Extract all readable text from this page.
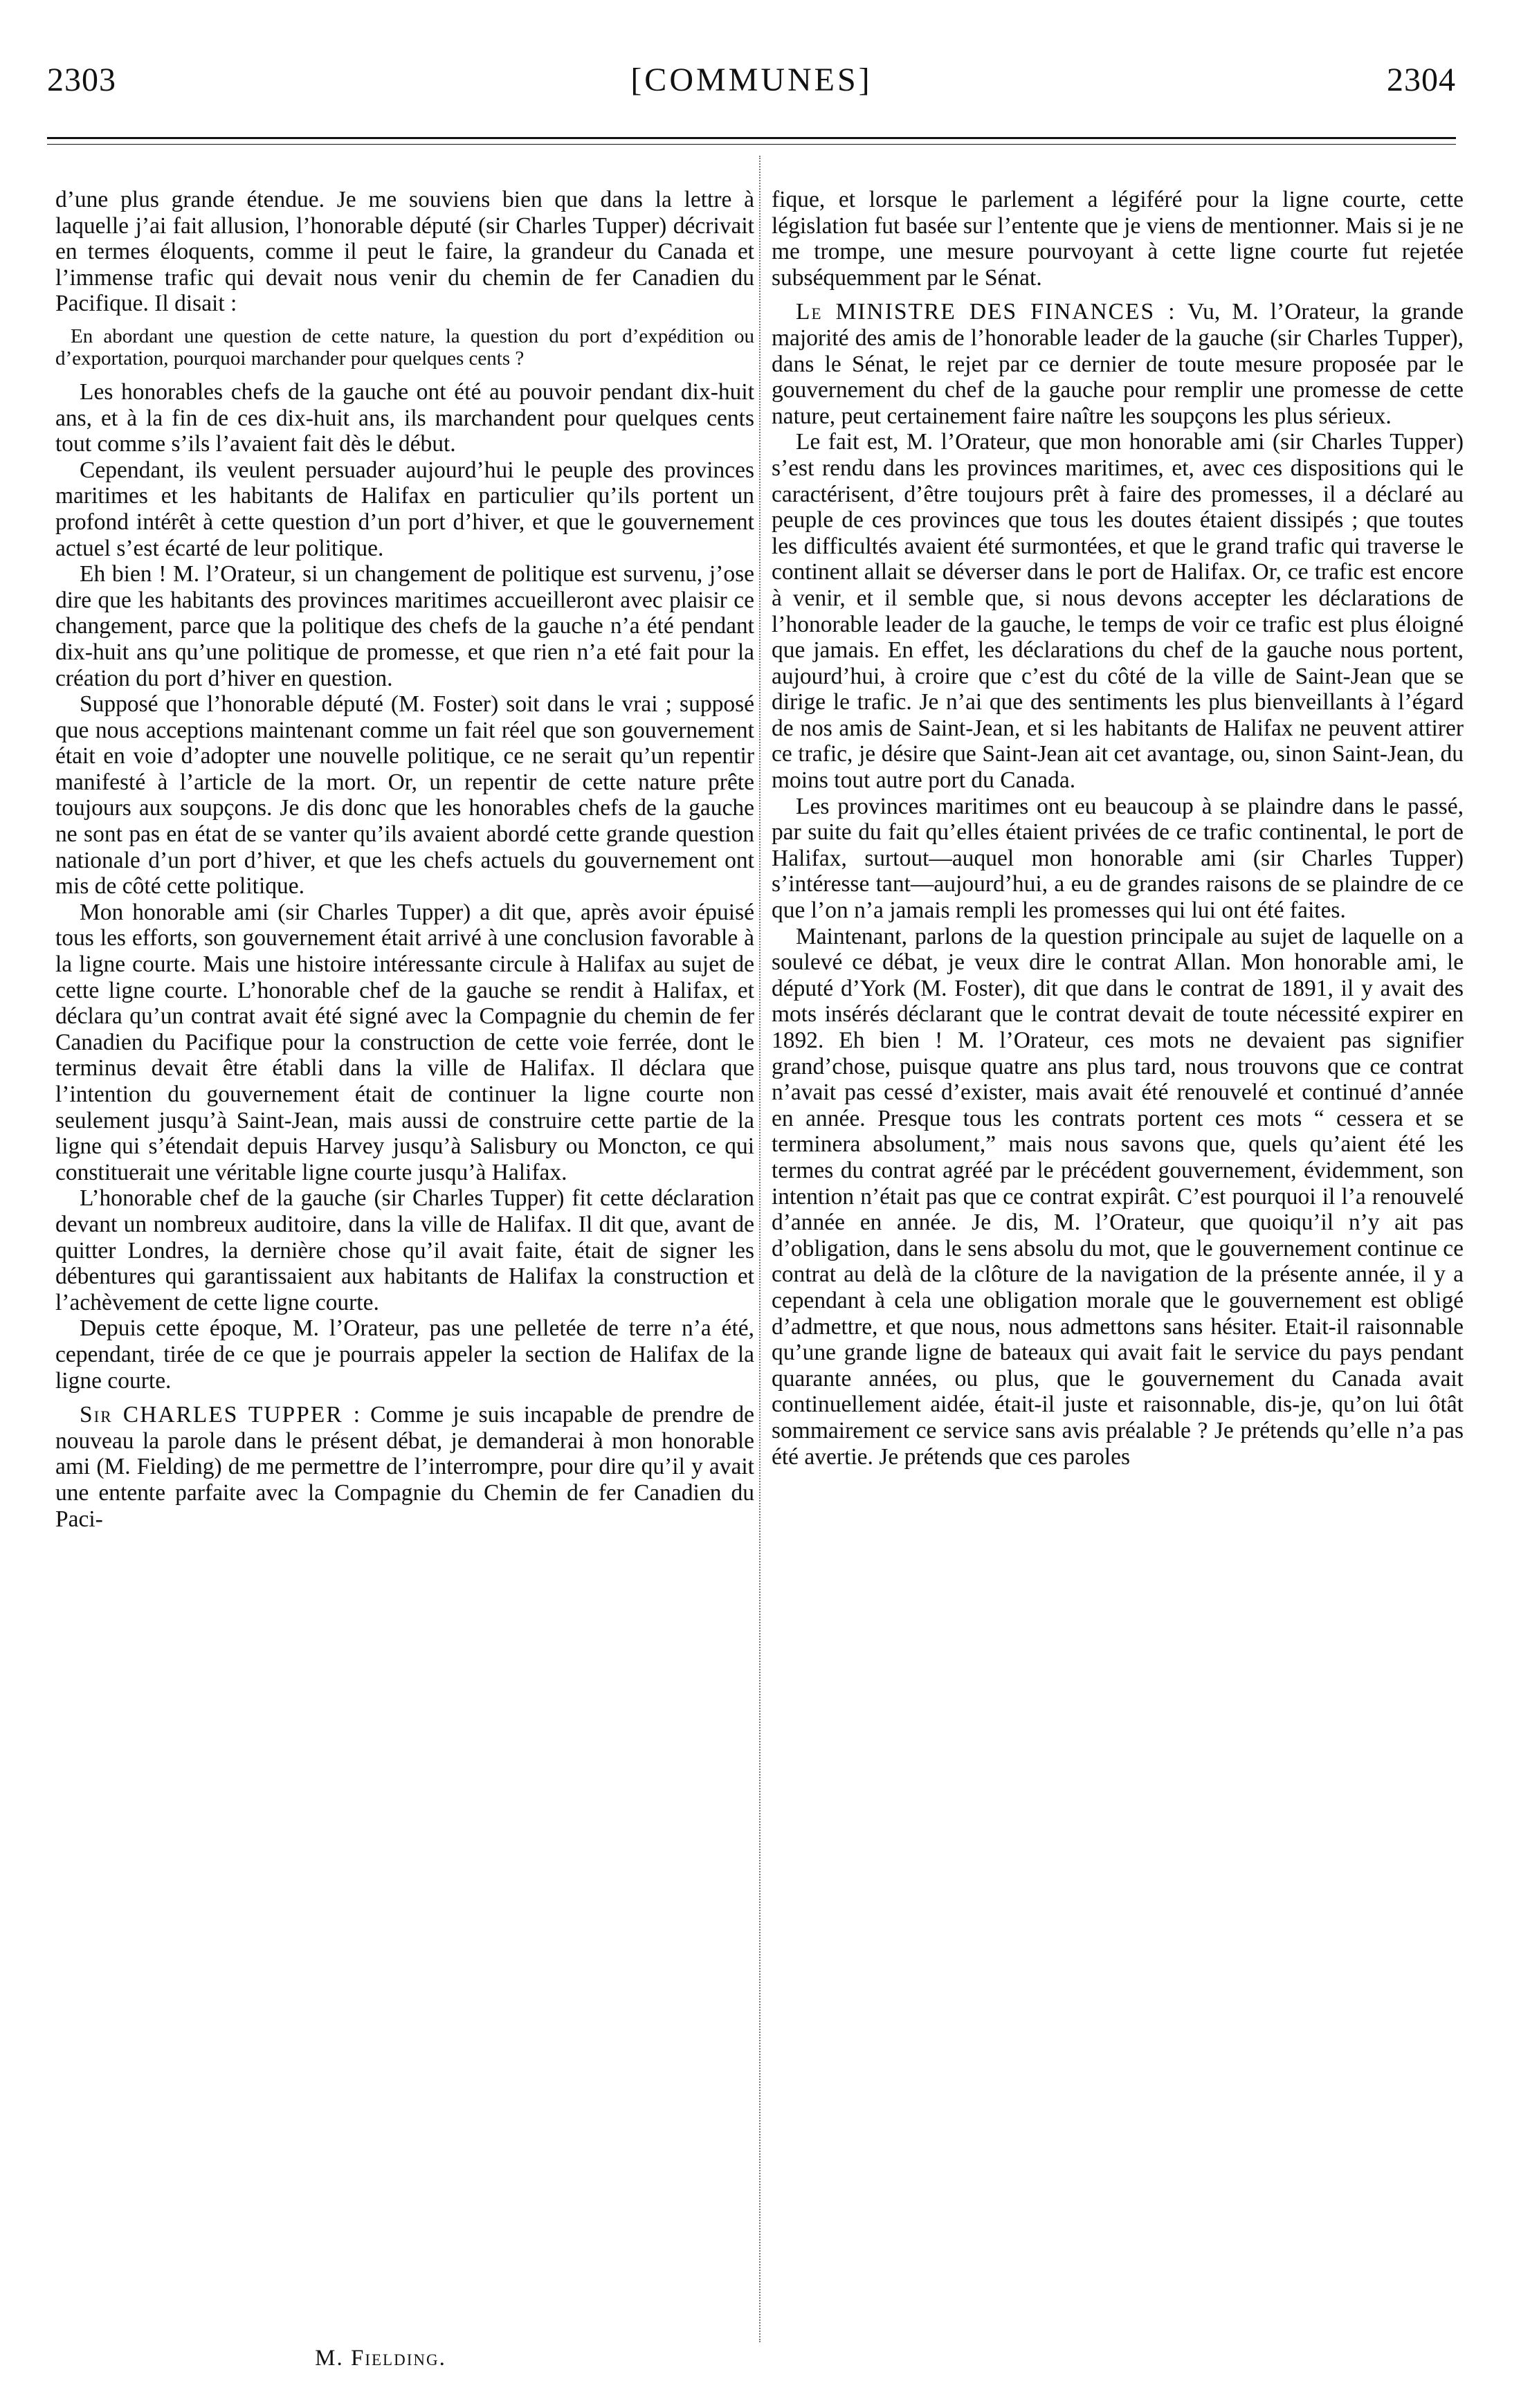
2303	[COMMUNES]	2304

d’une plus grande étendue. Je me souviens bien que dans la lettre à laquelle j’ai fait allusion, l’honorable député (sir Charles Tupper) décrivait en termes éloquents, comme il peut le faire, la grandeur du Canada et l’immense trafic qui devait nous venir du chemin de fer Canadien du Pacifique. Il disait :

En abordant une question de cette nature, la question du port d’expédition ou d’exportation, pourquoi marchander pour quelques cents ?

Les honorables chefs de la gauche ont été au pouvoir pendant dix-huit ans, et à la fin de ces dix-huit ans, ils marchandent pour quelques cents tout comme s’ils l’avaient fait dès le début.

Cependant, ils veulent persuader aujourd’hui le peuple des provinces maritimes et les habitants de Halifax en particulier qu’ils portent un profond intérêt à cette question d’un port d’hiver, et que le gouvernement actuel s’est écarté de leur politique.

Eh bien ! M. l’Orateur, si un changement de politique est survenu, j’ose dire que les habitants des provinces maritimes accueilleront avec plaisir ce changement, parce que la politique des chefs de la gauche n’a été pendant dix-huit ans qu’une politique de promesse, et que rien n’a eté fait pour la création du port d’hiver en question.

Supposé que l’honorable député (M. Foster) soit dans le vrai ; supposé que nous acceptions maintenant comme un fait réel que son gouvernement était en voie d’adopter une nouvelle politique, ce ne serait qu’un repentir manifesté à l’article de la mort. Or, un repentir de cette nature prête toujours aux soupçons. Je dis donc que les honorables chefs de la gauche ne sont pas en état de se vanter qu’ils avaient abordé cette grande question nationale d’un port d’hiver, et que les chefs actuels du gouvernement ont mis de côté cette politique.

Mon honorable ami (sir Charles Tupper) a dit que, après avoir épuisé tous les efforts, son gouvernement était arrivé à une conclusion favorable à la ligne courte. Mais une histoire intéressante circule à Halifax au sujet de cette ligne courte. L’honorable chef de la gauche se rendit à Halifax, et déclara qu’un contrat avait été signé avec la Compagnie du chemin de fer Canadien du Pacifique pour la construction de cette voie ferrée, dont le terminus devait être établi dans la ville de Halifax. Il déclara que l’intention du gouvernement était de continuer la ligne courte non seulement jusqu’à Saint-Jean, mais aussi de construire cette partie de la ligne qui s’étendait depuis Harvey jusqu’à Salisbury ou Moncton, ce qui constituerait une véritable ligne courte jusqu’à Halifax.

L’honorable chef de la gauche (sir Charles Tupper) fit cette déclaration devant un nombreux auditoire, dans la ville de Halifax. Il dit que, avant de quitter Londres, la dernière chose qu’il avait faite, était de signer les débentures qui garantissaient aux habitants de Halifax la construction et l’achèvement de cette ligne courte.

Depuis cette époque, M. l’Orateur, pas une pelletée de terre n’a été, cependant, tirée de ce que je pourrais appeler la section de Halifax de la ligne courte.

Sir CHARLES TUPPER : Comme je suis incapable de prendre de nouveau la parole dans le présent débat, je demanderai à mon honorable ami (M. Fielding) de me permettre de l’interrompre, pour dire qu’il y avait une entente parfaite avec la Compagnie du Chemin de fer Canadien du Paci-

fique, et lorsque le parlement a légiféré pour la ligne courte, cette législation fut basée sur l’entente que je viens de mentionner. Mais si je ne me trompe, une mesure pourvoyant à cette ligne courte fut rejetée subséquemment par le Sénat.

Le MINISTRE DES FINANCES : Vu, M. l’Orateur, la grande majorité des amis de l’honorable leader de la gauche (sir Charles Tupper), dans le Sénat, le rejet par ce dernier de toute mesure proposée par le gouvernement du chef de la gauche pour remplir une promesse de cette nature, peut certainement faire naître les soupçons les plus sérieux.

Le fait est, M. l’Orateur, que mon honorable ami (sir Charles Tupper) s’est rendu dans les provinces maritimes, et, avec ces dispositions qui le caractérisent, d’être toujours prêt à faire des promesses, il a déclaré au peuple de ces provinces que tous les doutes étaient dissipés ; que toutes les difficultés avaient été surmontées, et que le grand trafic qui traverse le continent allait se déverser dans le port de Halifax. Or, ce trafic est encore à venir, et il semble que, si nous devons accepter les déclarations de l’honorable leader de la gauche, le temps de voir ce trafic est plus éloigné que jamais. En effet, les déclarations du chef de la gauche nous portent, aujourd’hui, à croire que c’est du côté de la ville de Saint-Jean que se dirige le trafic. Je n’ai que des sentiments les plus bienveillants à l’égard de nos amis de Saint-Jean, et si les habitants de Halifax ne peuvent attirer ce trafic, je désire que Saint-Jean ait cet avantage, ou, sinon Saint-Jean, du moins tout autre port du Canada.

Les provinces maritimes ont eu beaucoup à se plaindre dans le passé, par suite du fait qu’elles étaient privées de ce trafic continental, le port de Halifax, surtout—auquel mon honorable ami (sir Charles Tupper) s’intéresse tant—aujourd’hui, a eu de grandes raisons de se plaindre de ce que l’on n’a jamais rempli les promesses qui lui ont été faites.

Maintenant, parlons de la question principale au sujet de laquelle on a soulevé ce débat, je veux dire le contrat Allan. Mon honorable ami, le député d’York (M. Foster), dit que dans le contrat de 1891, il y avait des mots insérés déclarant que le contrat devait de toute nécessité expirer en 1892. Eh bien ! M. l’Orateur, ces mots ne devaient pas signifier grand’chose, puisque quatre ans plus tard, nous trouvons que ce contrat n’avait pas cessé d’exister, mais avait été renouvelé et continué d’année en année. Presque tous les contrats portent ces mots “ cessera et se terminera absolument,” mais nous savons que, quels qu’aient été les termes du contrat agréé par le précédent gouvernement, évidemment, son intention n’était pas que ce contrat expirât. C’est pourquoi il l’a renouvelé d’année en année. Je dis, M. l’Orateur, que quoiqu’il n’y ait pas d’obligation, dans le sens absolu du mot, que le gouvernement continue ce contrat au delà de la clôture de la navigation de la présente année, il y a cependant à cela une obligation morale que le gouvernement est obligé d’admettre, et que nous, nous admettons sans hésiter. Etait-il raisonnable qu’une grande ligne de bateaux qui avait fait le service du pays pendant quarante années, ou plus, que le gouvernement du Canada avait continuellement aidée, était-il juste et raisonnable, dis-je, qu’on lui ôtât sommairement ce service sans avis préalable ? Je prétends qu’elle n’a pas été avertie. Je prétends que ces paroles

M. Fielding.
